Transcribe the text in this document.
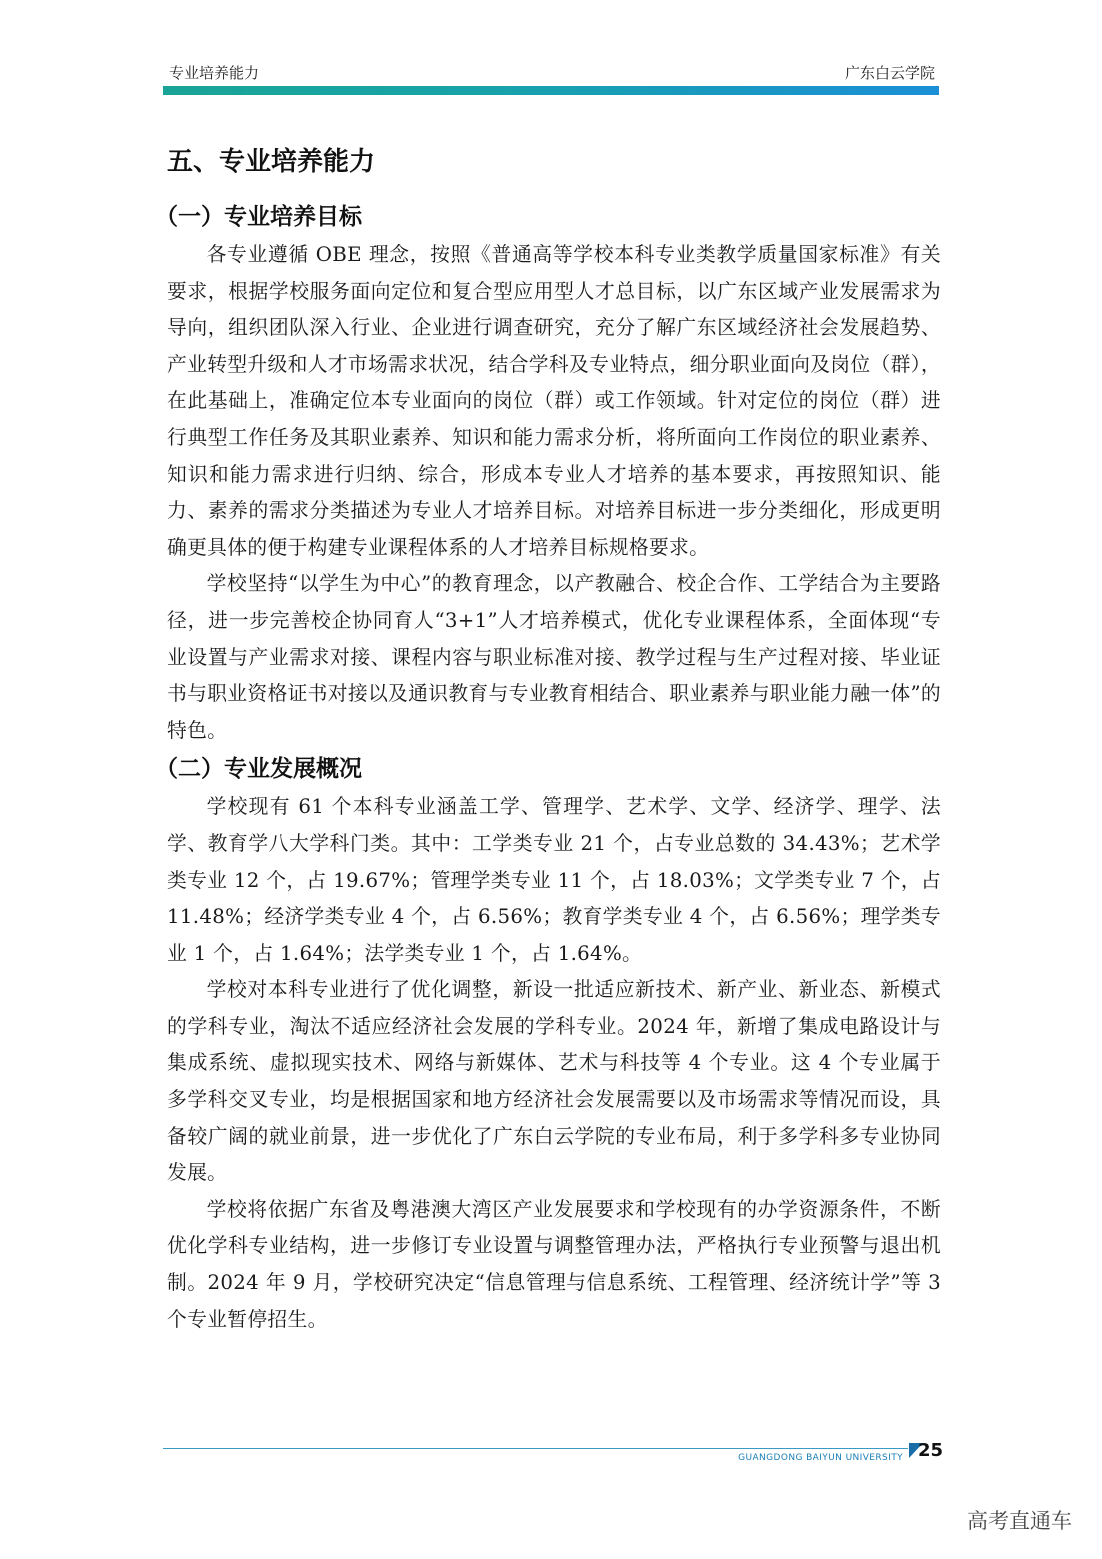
专业培养能力	广东白云学院
五、专业培养能力
（一）专业培养目标

各专业遵循 OBE 理念，按照《普通高等学校本科专业类教学质量国家标准》有关要求，根据学校服务面向定位和复合型应用型人才总目标，以广东区域产业发展需求为导向，组织团队深入行业、企业进行调查研究，充分了解广东区域经济社会发展趋势、产业转型升级和人才市场需求状况，结合学科及专业特点，细分职业面向及岗位（群），在此基础上，准确定位本专业面向的岗位（群）或工作领域。针对定位的岗位（群）进行典型工作任务及其职业素养、知识和能力需求分析，将所面向工作岗位的职业素养、知识和能力需求进行归纳、综合，形成本专业人才培养的基本要求，再按照知识、能力、素养的需求分类描述为专业人才培养目标。对培养目标进一步分类细化，形成更明确更具体的便于构建专业课程体系的人才培养目标规格要求。

学校坚持“以学生为中心”的教育理念，以产教融合、校企合作、工学结合为主要路径，进一步完善校企协同育人“3+1”人才培养模式，优化专业课程体系，全面体现“专业设置与产业需求对接、课程内容与职业标准对接、教学过程与生产过程对接、毕业证书与职业资格证书对接以及通识教育与专业教育相结合、职业素养与职业能力融一体”的特色。

（二）专业发展概况

学校现有 61 个本科专业涵盖工学、管理学、艺术学、文学、经济学、理学、法学、教育学八大学科门类。其中：工学类专业 21 个，占专业总数的 34.43%；艺术学类专业 12 个，占 19.67%；管理学类专业 11 个，占 18.03%；文学类专业 7 个，占 11.48%；经济学类专业 4 个，占 6.56%；教育学类专业 4 个，占 6.56%；理学类专业 1 个，占 1.64%；法学类专业 1 个，占 1.64%。

学校对本科专业进行了优化调整，新设一批适应新技术、新产业、新业态、新模式的学科专业，淘汰不适应经济社会发展的学科专业。2024 年，新增了集成电路设计与集成系统、虚拟现实技术、网络与新媒体、艺术与科技等 4 个专业。这 4 个专业属于多学科交叉专业，均是根据国家和地方经济社会发展需要以及市场需求等情况而设，具备较广阔的就业前景，进一步优化了广东白云学院的专业布局，利于多学科多专业协同发展。

学校将依据广东省及粤港澳大湾区产业发展要求和学校现有的办学资源条件，不断优化学科专业结构，进一步修订专业设置与调整管理办法，严格执行专业预警与退出机制。2024 年 9 月，学校研究决定“信息管理与信息系统、工程管理、经济统计学”等 3 个专业暂停招生。

GUANGDONG BAIYUN UNIVERSITY 25
高考直通车
